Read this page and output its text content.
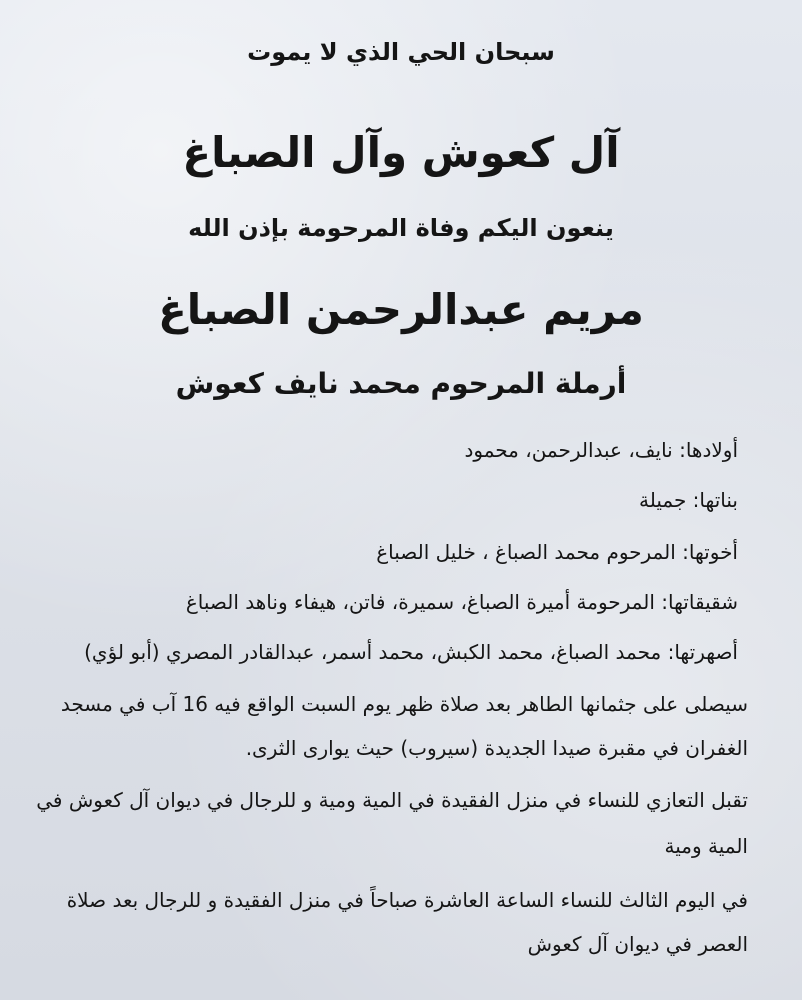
سبحان الحي الذي لا يموت

آل كعوش وآل الصباغ

ينعون اليكم وفاة المرحومة بإذن الله

مريم عبدالرحمن الصباغ

أرملة المرحوم محمد نايف كعوش

أولادها: نايف، عبدالرحمن، محمود

بناتها: جميلة

أخوتها: المرحوم محمد الصباغ ، خليل الصباغ

شقيقاتها: المرحومة أميرة الصباغ، سميرة، فاتن، هيفاء وناهد الصباغ

أصهرتها: محمد الصباغ، محمد الكبش، محمد أسمر، عبدالقادر المصري (أبو لؤي)

سيصلى على جثمانها الطاهر بعد صلاة ظهر يوم السبت الواقع فيه 16 آب في مسجد

الغفران في مقبرة صيدا الجديدة (سيروب) حيث يوارى الثرى.

تقبل التعازي للنساء في منزل الفقيدة في المية ومية و للرجال في ديوان آل كعوش في

المية ومية

في اليوم الثالث للنساء الساعة العاشرة صباحاً في منزل الفقيدة و للرجال بعد صلاة

العصر في ديوان آل كعوش
